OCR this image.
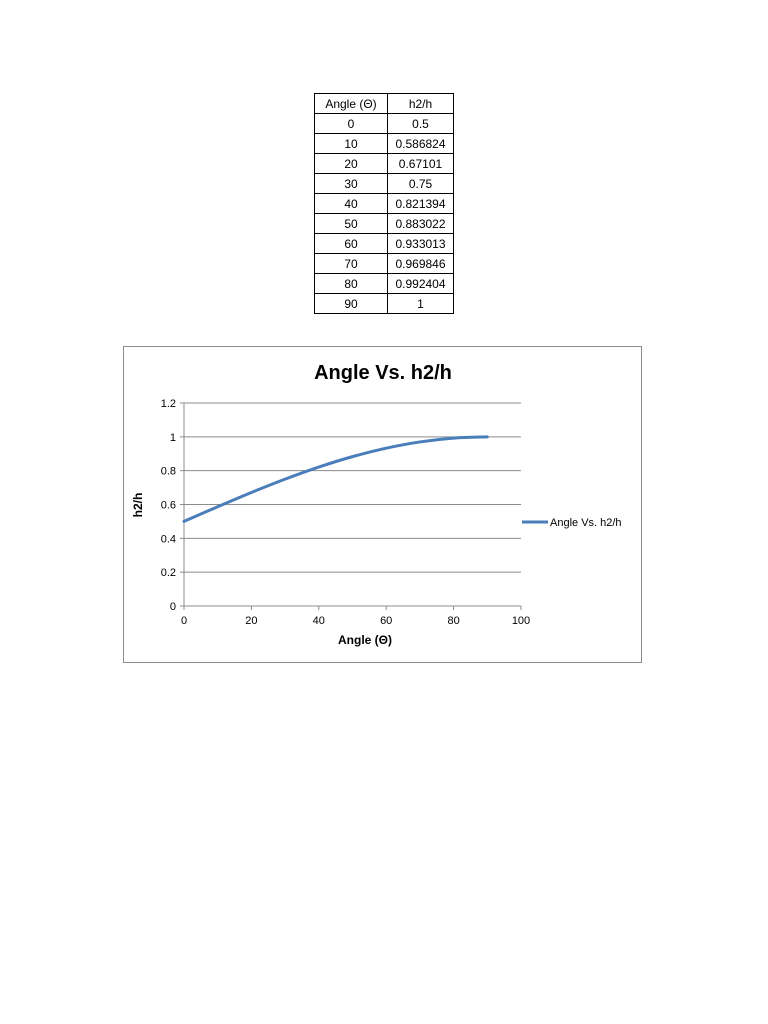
Angle (Θ)	h2/h
0	0.5
10	0.586824
20	0.67101
30	0.75
40	0.821394
50	0.883022
60	0.933013
70	0.969846
80	0.992404
90	1
Angle Vs. h2/h
0
0.2
0.4
0.6
0.8
1
1.2
0	20	40	60	80	100
Angle (Θ)
h2/h
Angle Vs. h2/h
